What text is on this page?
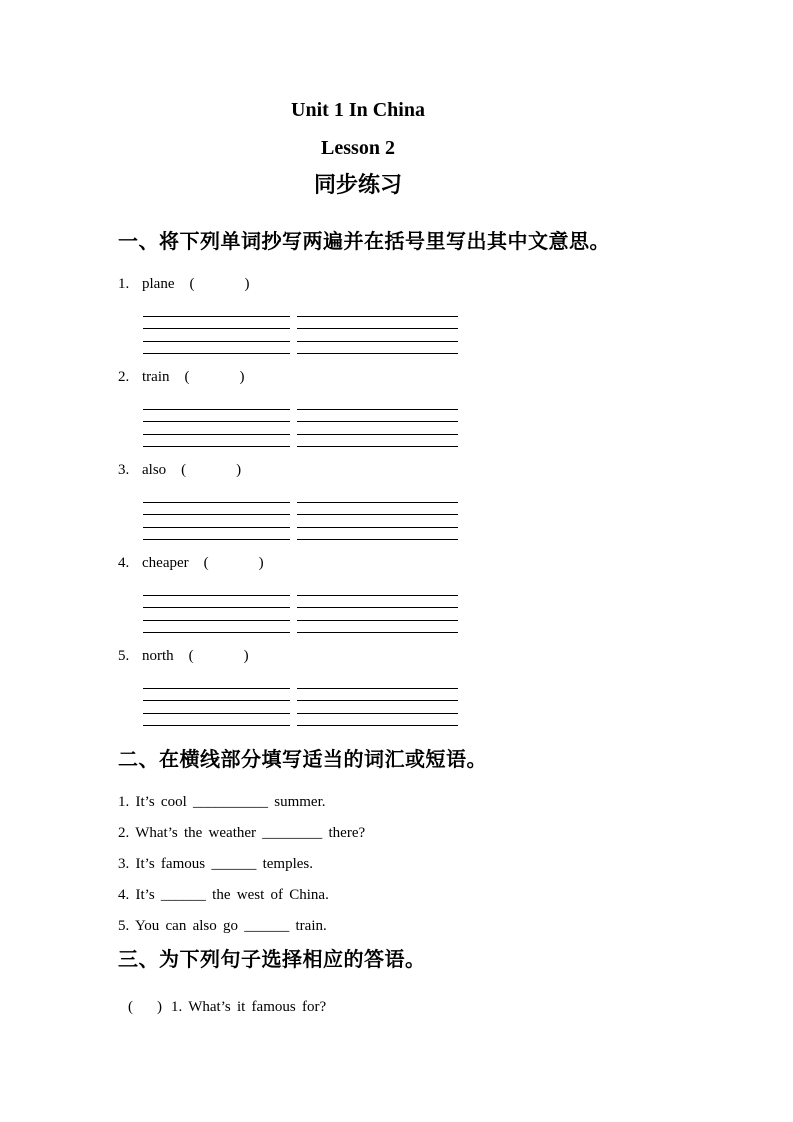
Unit 1 In China
Lesson 2
同步练习
一、将下列单词抄写两遍并在括号里写出其中文意思。
1. plane (	)
2. train (	)
3. also (	)
4. cheaper (	)
5. north (	)
二、在横线部分填写适当的词汇或短语。
1. It’s cool __________ summer.
2. What’s the weather ________ there?
3. It’s famous ______ temples.
4. It’s ______ the west of China.
5. You can also go ______ train.
三、为下列句子选择相应的答语。
( ) 1. What’s it famous for?
